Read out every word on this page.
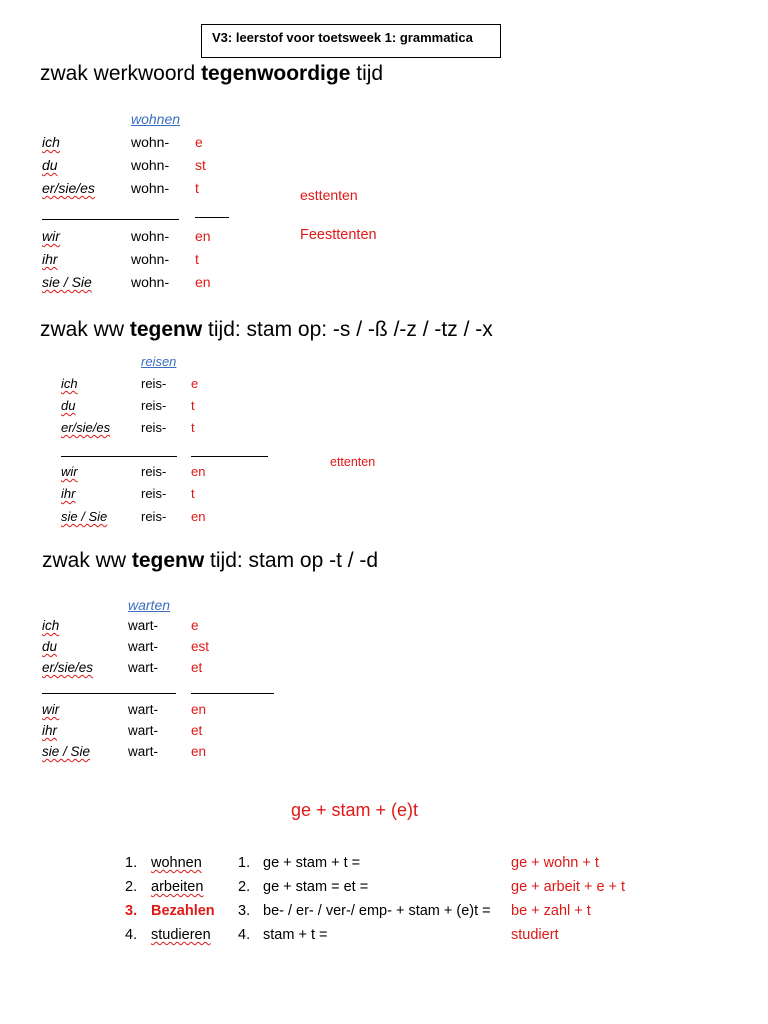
V3: leerstof voor toetsweek 1: grammatica
zwak werkwoord tegenwoordige tijd
wohnen
ich	wohn- e
du	wohn- st
er/sie/es	wohn- t
wir	wohn- en
ihr	wohn- t
sie / Sie	wohn- en
esttenten
Feesttenten
zwak ww tegenw tijd: stam op: -s / -ß /-z / -tz / -x
reisen
ich	reis- e
du	reis- t
er/sie/es reis- t
wir	reis- en
ihr	reis- t
sie / Sie	reis- en
ettenten
zwak ww tegenw tijd: stam op -t / -d
warten
ich	wart- e
du	wart- est
er/sie/es	wart- et
wir	wart- en
ihr	wart- et
sie / Sie	wart- en
ge + stam + (e)t
1. wohnen 1. ge + stam + t =	ge + wohn + t
2. arbeiten 2. ge + stam = et =	ge + arbeit + e + t
3. Bezahlen 3. be- / er- / ver-/ emp- + stam + (e)t = be + zahl + t
4. studieren 4. stam + t =	studiert
